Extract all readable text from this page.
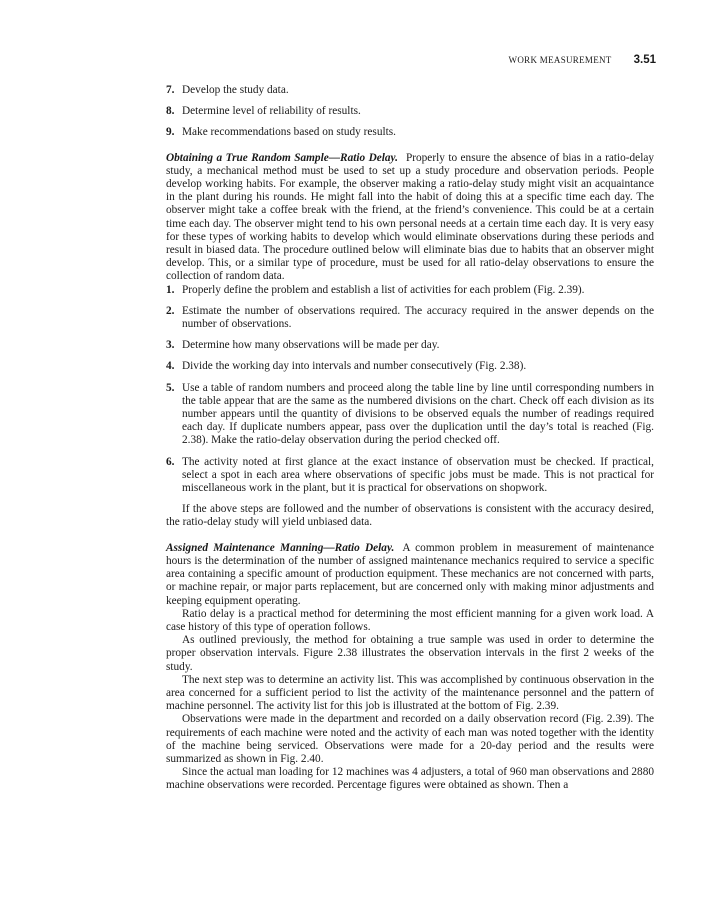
WORK MEASUREMENT 3.51
7. Develop the study data.
8. Determine level of reliability of results.
9. Make recommendations based on study results.

Obtaining a True Random Sample—Ratio Delay. Properly to ensure the absence of bias in a ratio-delay study, a mechanical method must be used to set up a study procedure and observation periods. People develop working habits. For example, the observer making a ratio-delay study might visit an acquaintance in the plant during his rounds. He might fall into the habit of doing this at a specific time each day. The observer might take a coffee break with the friend, at the friend’s convenience. This could be at a certain time each day. The observer might tend to his own personal needs at a certain time each day. It is very easy for these types of working habits to develop which would eliminate observations during these periods and result in biased data. The procedure outlined below will eliminate bias due to habits that an observer might develop. This, or a similar type of procedure, must be used for all ratio-delay observations to ensure the collection of random data.

1. Properly define the problem and establish a list of activities for each problem (Fig. 2.39).
2. Estimate the number of observations required. The accuracy required in the answer depends on the number of observations.
3. Determine how many observations will be made per day.
4. Divide the working day into intervals and number consecutively (Fig. 2.38).
5. Use a table of random numbers and proceed along the table line by line until corresponding numbers in the table appear that are the same as the numbered divisions on the chart. Check off each division as its number appears until the quantity of divisions to be observed equals the number of readings required each day. If duplicate numbers appear, pass over the duplication until the day’s total is reached (Fig. 2.38). Make the ratio-delay observation during the period checked off.
6. The activity noted at first glance at the exact instance of observation must be checked. If practical, select a spot in each area where observations of specific jobs must be made. This is not practical for miscellaneous work in the plant, but it is practical for observations on shopwork.

If the above steps are followed and the number of observations is consistent with the accuracy desired, the ratio-delay study will yield unbiased data.

Assigned Maintenance Manning—Ratio Delay. A common problem in measurement of maintenance hours is the determination of the number of assigned maintenance mechanics required to service a specific area containing a specific amount of production equipment. These mechanics are not concerned with parts, or machine repair, or major parts replacement, but are concerned only with making minor adjustments and keeping equipment operating.

Ratio delay is a practical method for determining the most efficient manning for a given work load. A case history of this type of operation follows.

As outlined previously, the method for obtaining a true sample was used in order to determine the proper observation intervals. Figure 2.38 illustrates the observation intervals in the first 2 weeks of the study.

The next step was to determine an activity list. This was accomplished by continuous observation in the area concerned for a sufficient period to list the activity of the maintenance personnel and the pattern of machine personnel. The activity list for this job is illustrated at the bottom of Fig. 2.39.

Observations were made in the department and recorded on a daily observation record (Fig. 2.39). The requirements of each machine were noted and the activity of each man was noted together with the identity of the machine being serviced. Observations were made for a 20-day period and the results were summarized as shown in Fig. 2.40.

Since the actual man loading for 12 machines was 4 adjusters, a total of 960 man observations and 2880 machine observations were recorded. Percentage figures were obtained as shown. Then a
